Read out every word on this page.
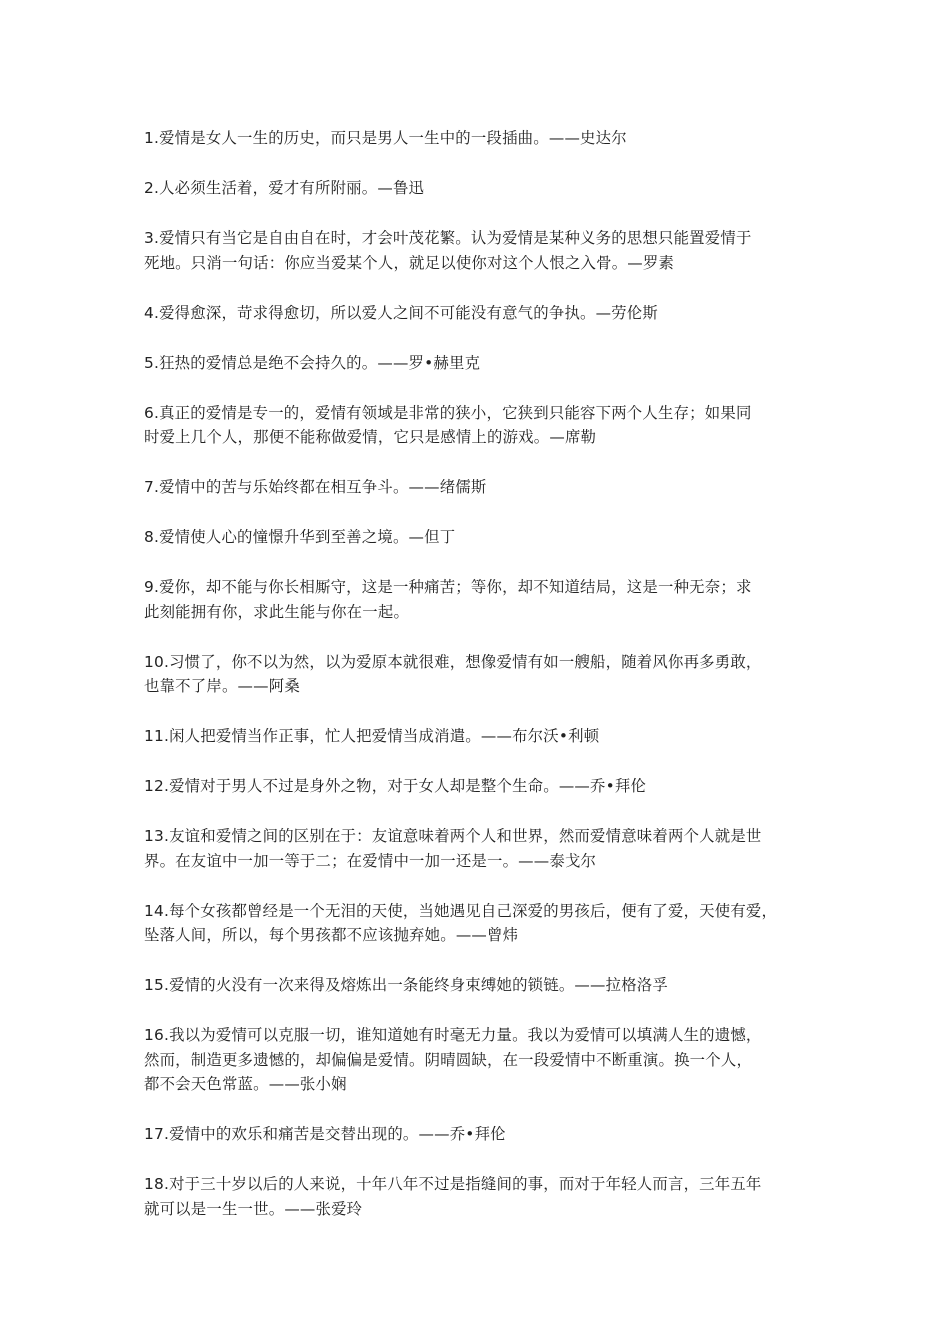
1.爱情是女人一生的历史，而只是男人一生中的一段插曲。——史达尔

2.人必须生活着，爱才有所附丽。—鲁迅

3.爱情只有当它是自由自在时，才会叶茂花繁。认为爱情是某种义务的思想只能置爱情于
死地。只消一句话：你应当爱某个人，就足以使你对这个人恨之入骨。—罗素

4.爱得愈深，苛求得愈切，所以爱人之间不可能没有意气的争执。—劳伦斯

5.狂热的爱情总是绝不会持久的。——罗•赫里克

6.真正的爱情是专一的，爱情有领域是非常的狭小，它狭到只能容下两个人生存；如果同
时爱上几个人，那便不能称做爱情，它只是感情上的游戏。—席勒

7.爱情中的苦与乐始终都在相互争斗。——绪儒斯

8.爱情使人心的憧憬升华到至善之境。—但丁

9.爱你，却不能与你长相厮守，这是一种痛苦；等你，却不知道结局，这是一种无奈；求
此刻能拥有你，求此生能与你在一起。

10.习惯了，你不以为然，以为爱原本就很难，想像爱情有如一艘船，随着风你再多勇敢，
也靠不了岸。——阿桑

11.闲人把爱情当作正事，忙人把爱情当成消遣。——布尔沃•利顿

12.爱情对于男人不过是身外之物，对于女人却是整个生命。——乔•拜伦

13.友谊和爱情之间的区别在于：友谊意味着两个人和世界，然而爱情意味着两个人就是世
界。在友谊中一加一等于二；在爱情中一加一还是一。——泰戈尔

14.每个女孩都曾经是一个无泪的天使，当她遇见自己深爱的男孩后，便有了爱，天使有爱，
坠落人间，所以，每个男孩都不应该抛弃她。——曾炜

15.爱情的火没有一次来得及熔炼出一条能终身束缚她的锁链。——拉格洛孚

16.我以为爱情可以克服一切，谁知道她有时毫无力量。我以为爱情可以填满人生的遗憾，
然而，制造更多遗憾的，却偏偏是爱情。阴晴圆缺，在一段爱情中不断重演。换一个人，
都不会天色常蓝。——张小娴

17.爱情中的欢乐和痛苦是交替出现的。——乔•拜伦

18.对于三十岁以后的人来说，十年八年不过是指缝间的事，而对于年轻人而言，三年五年
就可以是一生一世。——张爱玲
